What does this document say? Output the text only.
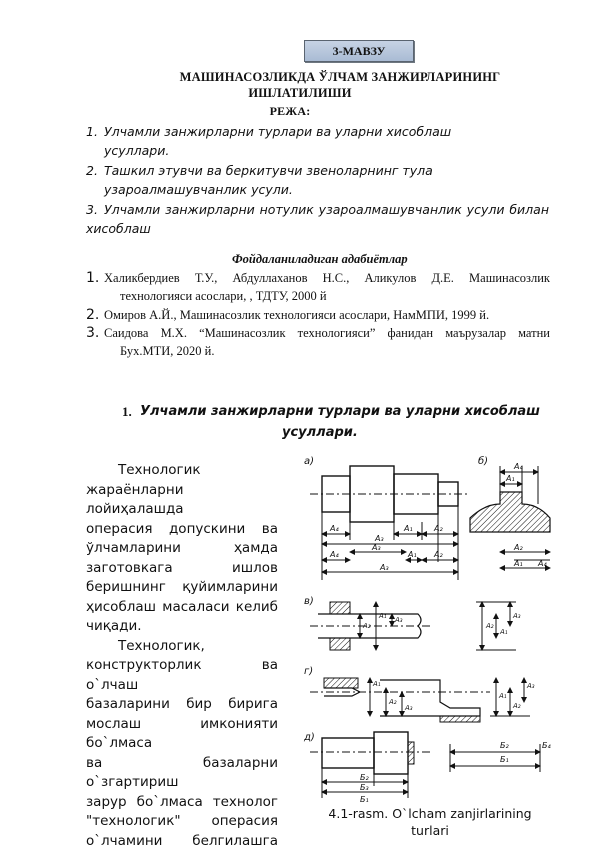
3-МАВЗУ
МАШИНАСОЗЛИКДА ЎЛЧАМ ЗАНЖИРЛАРИНИНГ
ИШЛАТИЛИШИ
РЕЖА:
1. Улчамли занжирларни турлари ва уларни хисоблаш
усуллари.
2. Ташкил этувчи ва беркитувчи звеноларнинг тула
узароалмашувчанлик усули.
3. Улчамли занжирларни нотулик узароалмашувчанлик усули билан
хисоблаш
Фойдаланиладиган адабиётлар
1. Халикбердиев Т.У., Абдуллаханов Н.С., Аликулов Д.Е. Машинасозлик
технологияси асослари, , ТДТУ, 2000 й
2. Омиров А.Й., Машинасозлик технологияси асослари, НамМПИ, 1999 й.
3. Саидова М.Х. “Машинасозлик технологияси” фанидан маърузалар матни
Бух.МТИ, 2020 й.
1. Улчамли занжирларни турлари ва уларни хисоблаш
усуллари.
Технологик
жараёнларни лойиҳалашда
операсия допускини ва
ўлчамларини ҳамда
заготовкага ишлов
беришнинг қуйимларини
ҳисоблаш масаласи келиб
чиқади.
Технологик,
конструкторлик ва о`лчаш
базаларини бир бирига
мослаш имконияти бо`лмаса
ва базаларни о`згартириш
зарур бо`лмаса технолог
"технологик" операсия
о`лчамини белгилашга
а)
A₄
A₃
A₁	A₂
A₄
A₃
A₁ A₂
A₃
б)	A₄
A₁
A₂
A₁ A₄
в)
A₂
A₁ A₃
A₂
A₁
A₃
г)
A₁
A₂
A₃
A₁
A₂
A₃
д)
Б₂
Б₃
Б₁
Б₂
Б₁
Б₄
4.1-rasm. O`lcham zanjirlarining
turlari
